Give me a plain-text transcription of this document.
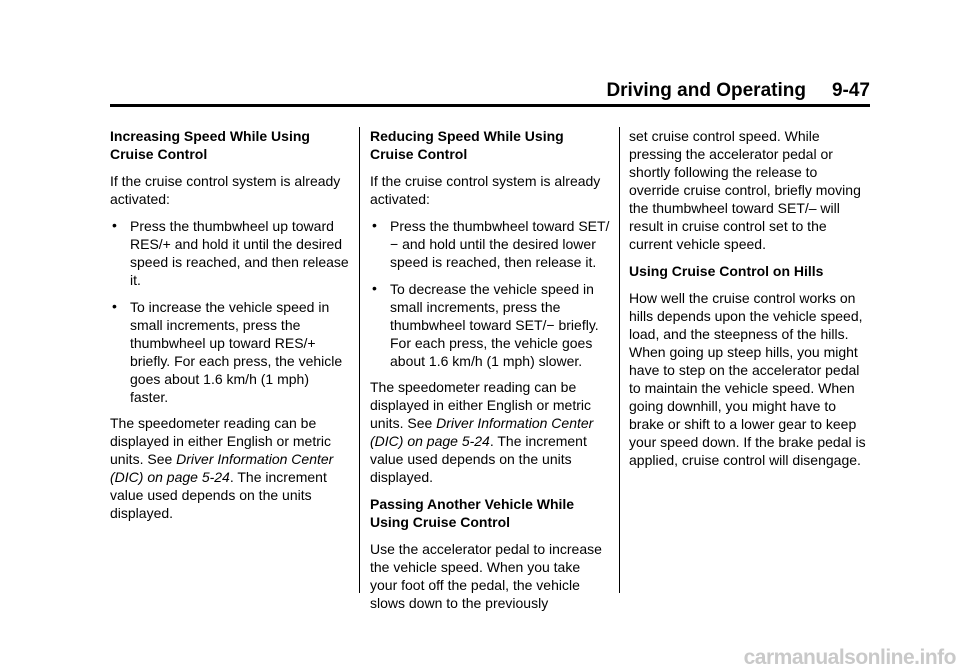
Driving and Operating 9-47
Increasing Speed While Using Cruise Control
If the cruise control system is already activated:
• Press the thumbwheel up toward RES/+ and hold it until the desired speed is reached, and then release it.
• To increase the vehicle speed in small increments, press the thumbwheel up toward RES/+ briefly. For each press, the vehicle goes about 1.6 km/h (1 mph) faster.
The speedometer reading can be displayed in either English or metric units. See Driver Information Center (DIC) on page 5-24. The increment value used depends on the units displayed.
Reducing Speed While Using Cruise Control
If the cruise control system is already activated:
• Press the thumbwheel toward SET/− and hold until the desired lower speed is reached, then release it.
• To decrease the vehicle speed in small increments, press the thumbwheel toward SET/− briefly. For each press, the vehicle goes about 1.6 km/h (1 mph) slower.
The speedometer reading can be displayed in either English or metric units. See Driver Information Center (DIC) on page 5-24. The increment value used depends on the units displayed.
Passing Another Vehicle While Using Cruise Control
Use the accelerator pedal to increase the vehicle speed. When you take your foot off the pedal, the vehicle slows down to the previously
set cruise control speed. While pressing the accelerator pedal or shortly following the release to override cruise control, briefly moving the thumbwheel toward SET/– will result in cruise control set to the current vehicle speed.
Using Cruise Control on Hills
How well the cruise control works on hills depends upon the vehicle speed, load, and the steepness of the hills. When going up steep hills, you might have to step on the accelerator pedal to maintain the vehicle speed. When going downhill, you might have to brake or shift to a lower gear to keep your speed down. If the brake pedal is applied, cruise control will disengage.
carmanualsonline.info
